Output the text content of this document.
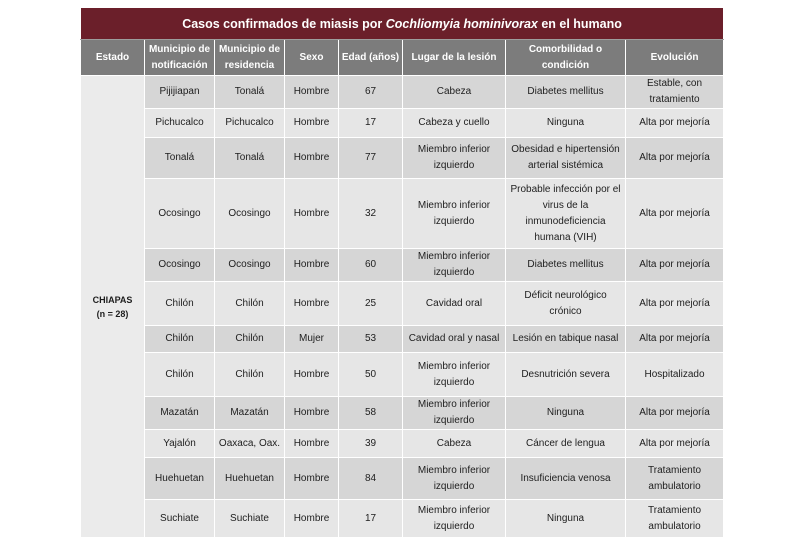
Casos confirmados de miasis por Cochliomyia hominivorax en el humano							
Estado	Municipio de notificación	Municipio de residencia	Sexo	Edad (años)	Lugar de la lesión	Comorbilidad o condición	Evolución

CHIAPAS
(n = 28)	Pijijiapan	Tonalá	Hombre	67	Cabeza	Diabetes mellitus	Estable, con tratamiento
	Pichucalco	Pichucalco	Hombre	17	Cabeza y cuello	Ninguna	Alta por mejoría
	Tonalá	Tonalá	Hombre	77	Miembro inferior izquierdo	Obesidad e hipertensión arterial sistémica	Alta por mejoría
	Ocosingo	Ocosingo	Hombre	32	Miembro inferior izquierdo	Probable infección por el virus de la inmunodeficiencia humana (VIH)	Alta por mejoría
	Ocosingo	Ocosingo	Hombre	60	Miembro inferior izquierdo	Diabetes mellitus	Alta por mejoría
	Chilón	Chilón	Hombre	25	Cavidad oral	Déficit neurológico crónico	Alta por mejoría
	Chilón	Chilón	Mujer	53	Cavidad oral y nasal	Lesión en tabique nasal	Alta por mejoría
	Chilón	Chilón	Hombre	50	Miembro inferior izquierdo	Desnutrición severa	Hospitalizado
	Mazatán	Mazatán	Hombre	58	Miembro inferior izquierdo	Ninguna	Alta por mejoría
	Yajalón	Oaxaca, Oax.	Hombre	39	Cabeza	Cáncer de lengua	Alta por mejoría
	Huehuetan	Huehuetan	Hombre	84	Miembro inferior izquierdo	Insuficiencia venosa	Tratamiento ambulatorio
	Suchiate	Suchiate	Hombre	17	Miembro inferior izquierdo	Ninguna	Tratamiento ambulatorio
